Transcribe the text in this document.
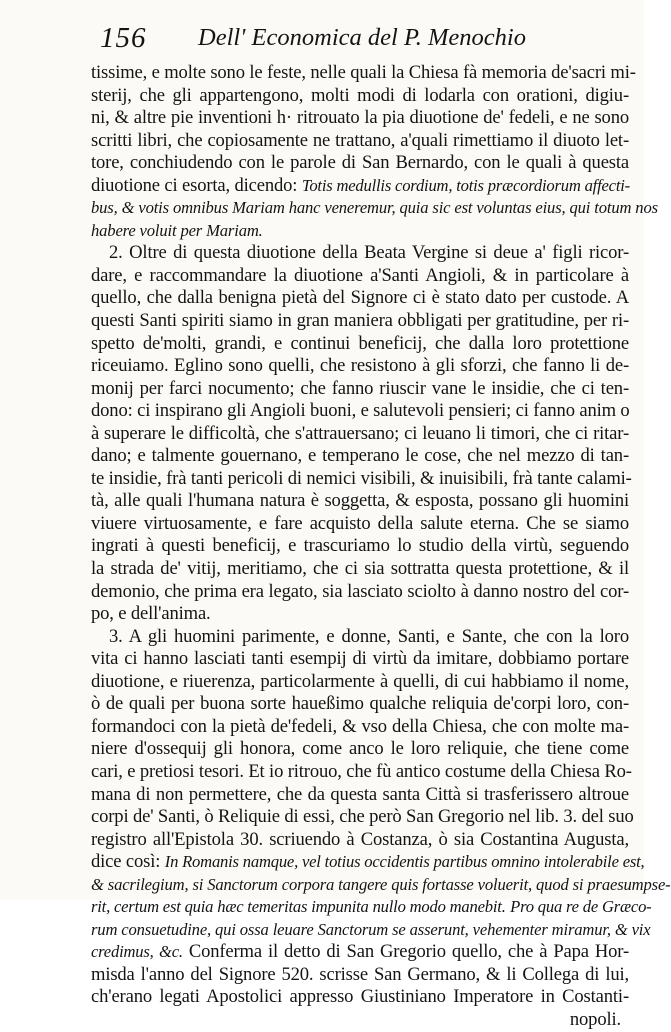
156 Dell' Economica del P. Menochio
tissime, e molte sono le feste, nelle quali la Chiesa fà memoria de'sacri mi-
sterij, che gli appartengono, molti modi di lodarla con orationi, digiu-
ni, & altre pie inventioni h· ritrouato la pia diuotione de' fedeli, e ne sono
scritti libri, che copiosamente ne trattano, a'quali rimettiamo il diuoto let-
tore, conchiudendo con le parole di San Bernardo, con le quali à questa
diuotione ci esorta, dicendo: Totis medullis cordium, totis præcordiorum affecti-
bus, & votis omnibus Mariam hanc veneremur, quia sic est voluntas eius, qui totum nos
habere voluit per Mariam.
2. Oltre di questa diuotione della Beata Vergine si deue a' figli ricor-
dare, e raccommandare la diuotione a'Santi Angioli, & in particolare à
quello, che dalla benigna pietà del Signore ci è stato dato per custode. A
questi Santi spiriti siamo in gran maniera obbligati per gratitudine, per ri-
spetto de'molti, grandi, e continui beneficij, che dalla loro protettione
riceuiamo. Eglino sono quelli, che resistono à gli sforzi, che fanno li de-
monij per farci nocumento; che fanno riuscir vane le insidie, che ci ten-
dono: ci inspirano gli Angioli buoni, e salutevoli pensieri; ci fanno anim o
à superare le difficoltà, che s'attrauersano; ci leuano li timori, che ci ritar-
dano; e talmente gouernano, e temperano le cose, che nel mezzo di tan-
te insidie, frà tanti pericoli di nemici visibili, & inuisibili, frà tante calami-
tà, alle quali l'humana natura è soggetta, & esposta, possano gli huomini
viuere virtuosamente, e fare acquisto della salute eterna. Che se siamo
ingrati à questi beneficij, e trascuriamo lo studio della virtù, seguendo
la strada de' vitij, meritiamo, che ci sia sottratta questa protettione, & il
demonio, che prima era legato, sia lasciato sciolto à danno nostro del cor-
po, e dell'anima.
3. A gli huomini parimente, e donne, Santi, e Sante, che con la loro
vita ci hanno lasciati tanti esempij di virtù da imitare, dobbiamo portare
diuotione, e riuerenza, particolarmente à quelli, di cui habbiamo il nome,
ò de quali per buona sorte haueßimo qualche reliquia de'corpi loro, con-
formandoci con la pietà de'fedeli, & vso della Chiesa, che con molte ma-
niere d'ossequij gli honora, come anco le loro reliquie, che tiene come
cari, e pretiosi tesori. Et io ritrouo, che fù antico costume della Chiesa Ro-
mana di non permettere, che da questa santa Città si trasferissero altroue
corpi de' Santi, ò Reliquie di essi, che però San Gregorio nel lib. 3. del suo
registro all'Epistola 30. scriuendo à Costanza, ò sia Costantina Augusta,
dice così: In Romanis namque, vel totius occidentis partibus omnino intolerabile est,
& sacrilegium, si Sanctorum corpora tangere quis fortasse voluerit, quod si praesumpse-
rit, certum est quia hæc temeritas impunita nullo modo manebit. Pro qua re de Græco-
rum consuetudine, qui ossa leuare Sanctorum se asserunt, vehementer miramur, & vix
credimus, &c. Conferma il detto di San Gregorio quello, che à Papa Hor-
misda l'anno del Signore 520. scrisse San Germano, & li Collega di lui,
ch'erano legati Apostolici appresso Giustiniano Imperatore in Costanti-
nopoli.
